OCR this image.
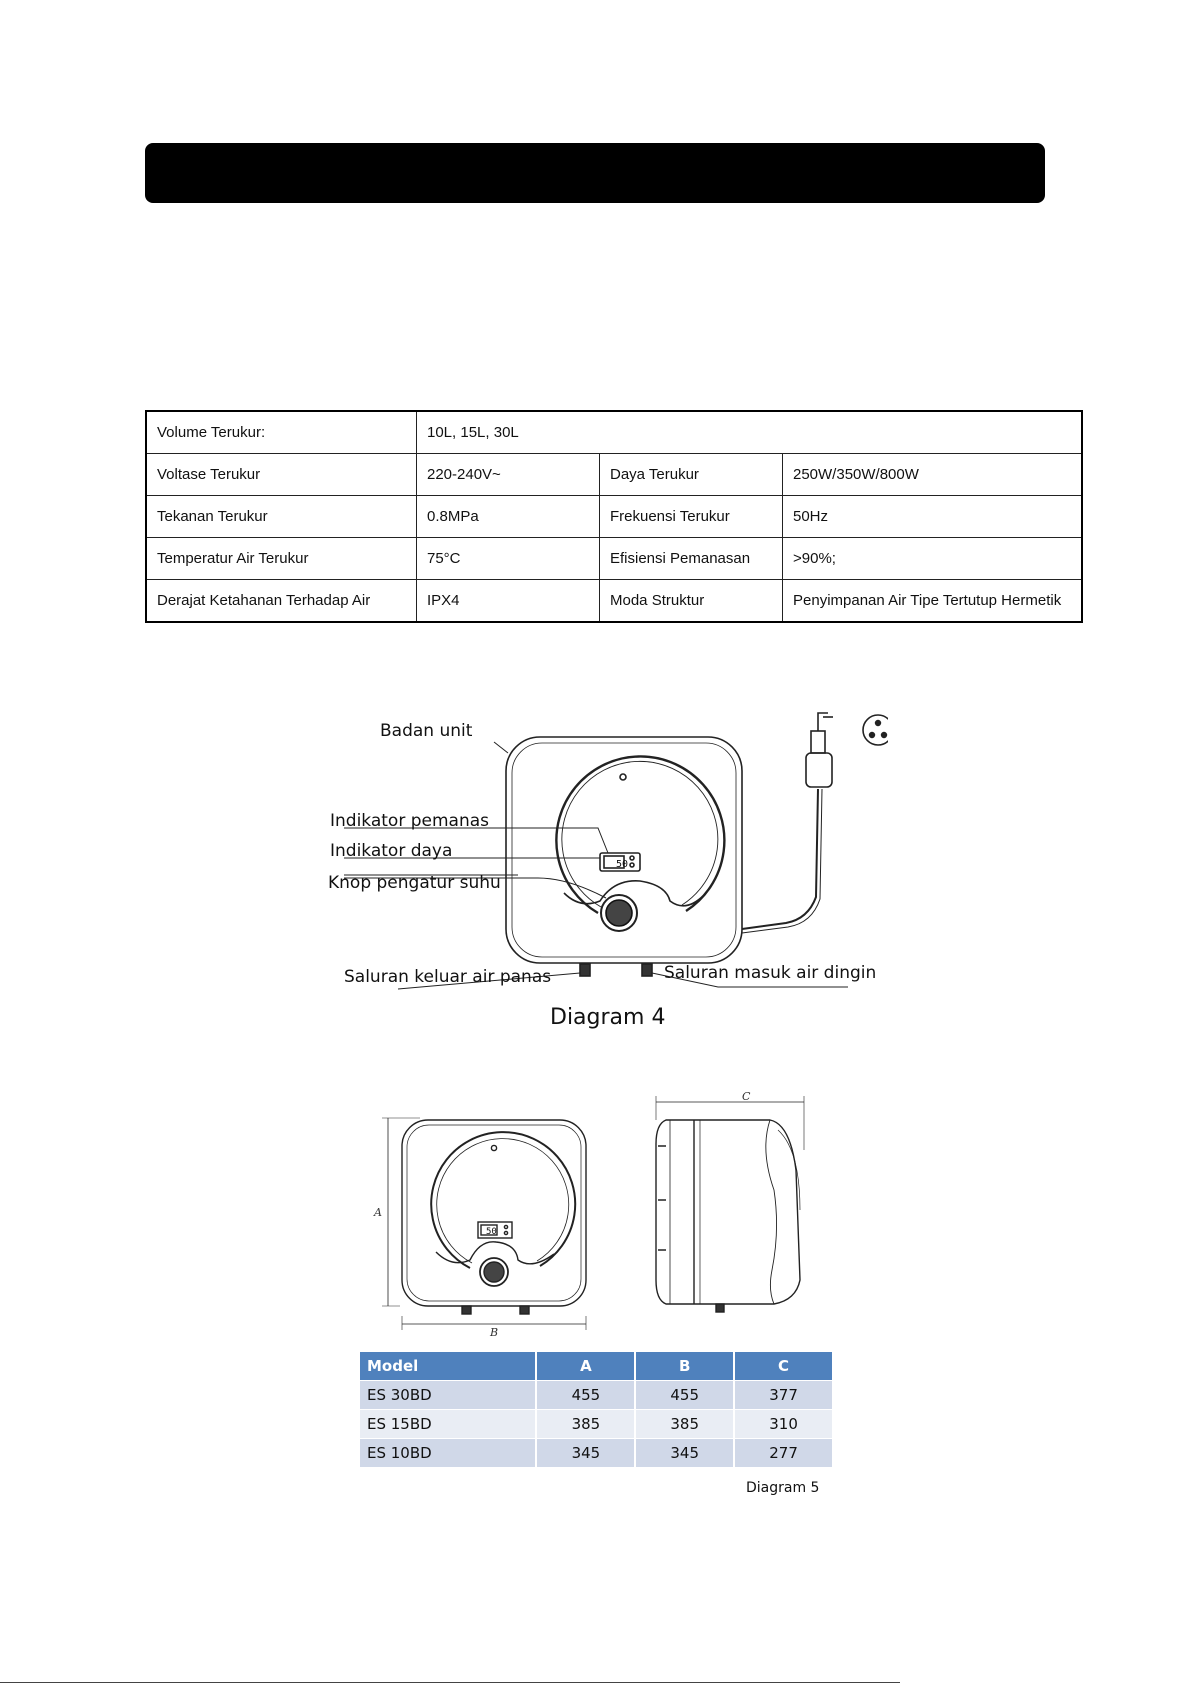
Volume Terukur:	10L, 15L, 30L		
Voltase Terukur	220-240V~	Daya Terukur	250W/350W/800W
Tekanan Terukur	0.8MPa	Frekuensi Terukur	50Hz
Temperatur Air Terukur	75°C	Efisiensi Pemanasan	>90%;
Derajat Ketahanan Terhadap Air	IPX4	Moda Struktur	Penyimpanan Air Tipe Tertutup Hermetik
50
Badan unit
Indikator pemanas
Indikator daya
Knop pengatur suhu
Saluran keluar air panas	Saluran masuk air dingin
Diagram 4
50
A
B
C
Model	A	B	C
ES 30BD	455	455	377
ES 15BD	385	385	310
ES 10BD	345	345	277
Diagram 5
